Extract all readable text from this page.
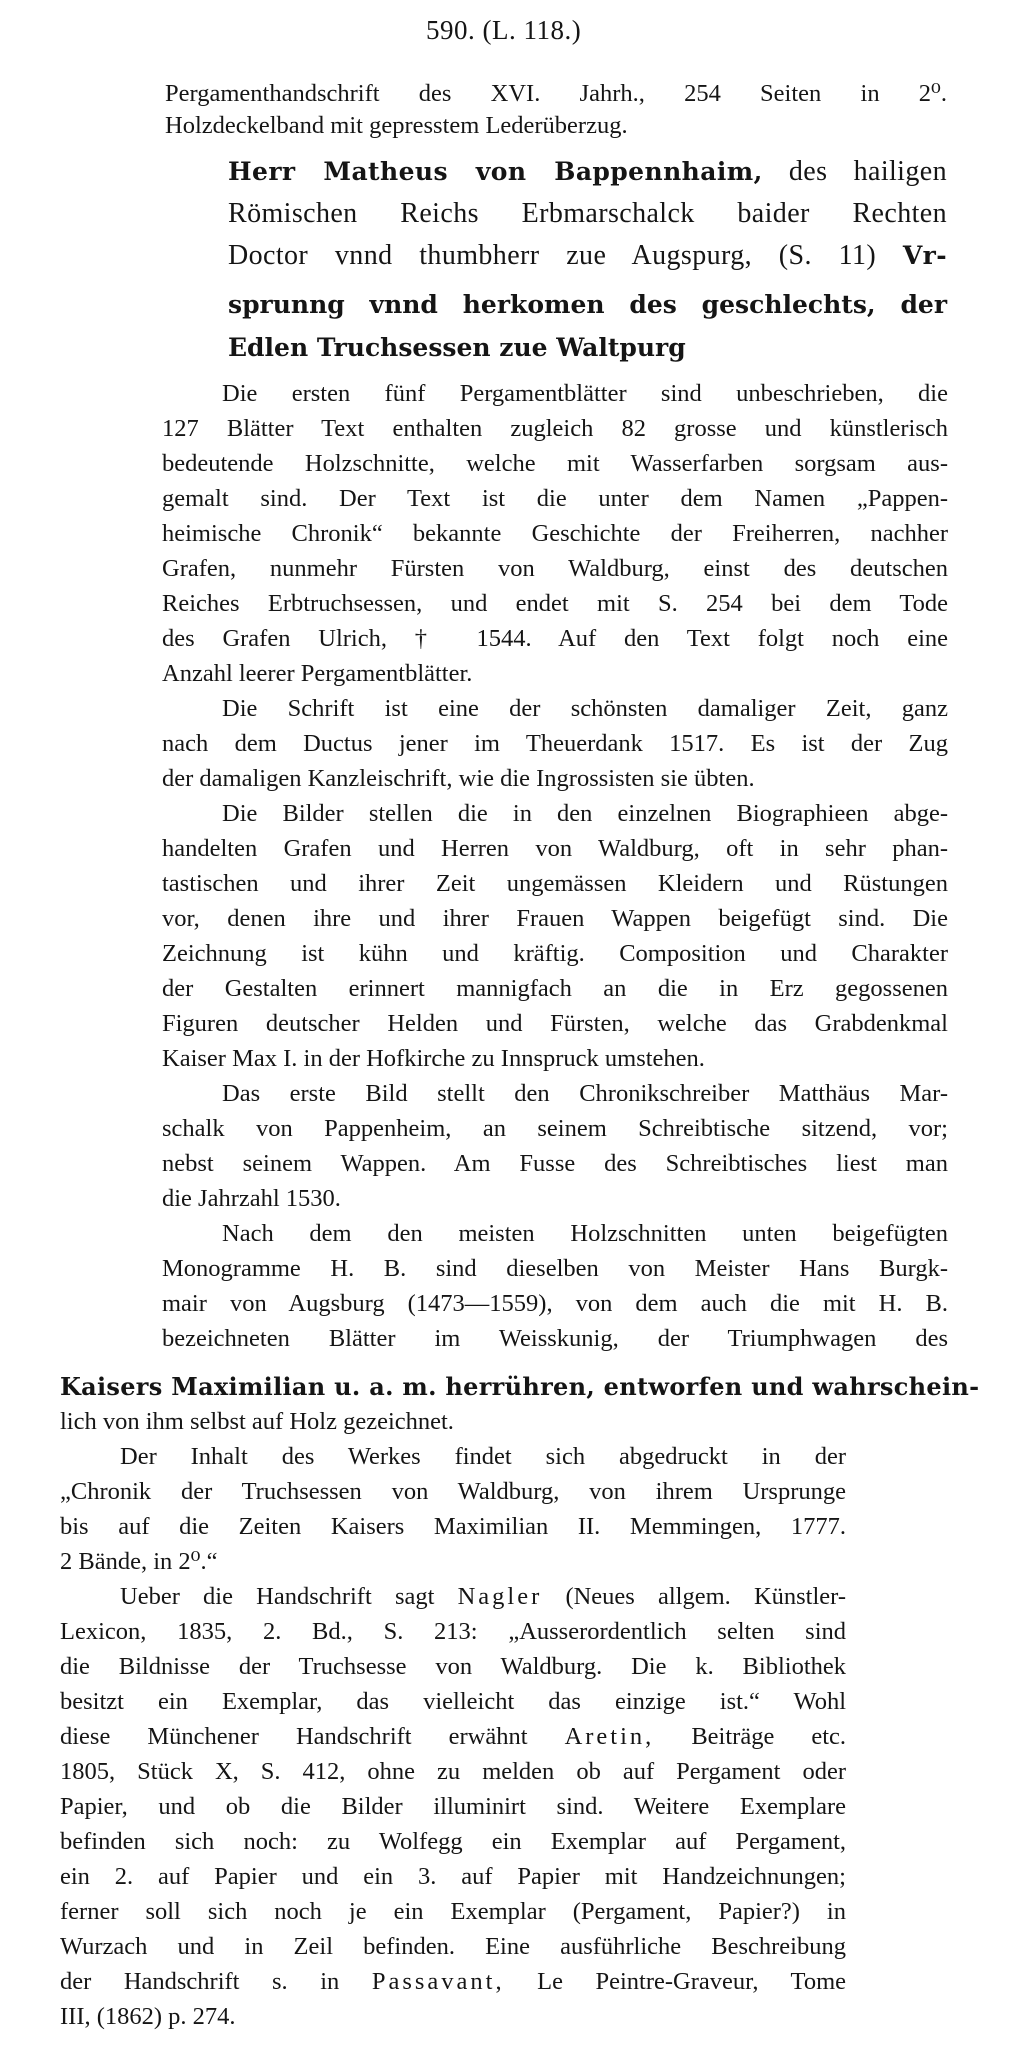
590. (L. 118.)
Pergamenthandschrift des XVI. Jahrh., 254 Seiten in 2⁰.
Holzdeckelband mit gepresstem Lederüberzug.
Herr Matheus von Bappennhaim, des hailigen
Römischen Reichs Erbmarschalck baider Rechten
Doctor vnnd thumbherr zue Augspurg, (S. 11) Vr-
sprunng vnnd herkomen des geschlechts, der
Edlen Truchsessen zue Waltpurg
Die ersten fünf Pergamentblätter sind unbeschrieben, die
127 Blätter Text enthalten zugleich 82 grosse und künstlerisch
bedeutende Holzschnitte, welche mit Wasserfarben sorgsam aus-
gemalt sind. Der Text ist die unter dem Namen „Pappen-
heimische Chronik“ bekannte Geschichte der Freiherren, nachher
Grafen, nunmehr Fürsten von Waldburg, einst des deutschen
Reiches Erbtruchsessen, und endet mit S. 254 bei dem Tode
des Grafen Ulrich, † 1544. Auf den Text folgt noch eine
Anzahl leerer Pergamentblätter.
Die Schrift ist eine der schönsten damaliger Zeit, ganz
nach dem Ductus jener im Theuerdank 1517. Es ist der Zug
der damaligen Kanzleischrift, wie die Ingrossisten sie übten.
Die Bilder stellen die in den einzelnen Biographieen abge-
handelten Grafen und Herren von Waldburg, oft in sehr phan-
tastischen und ihrer Zeit ungemässen Kleidern und Rüstungen
vor, denen ihre und ihrer Frauen Wappen beigefügt sind. Die
Zeichnung ist kühn und kräftig. Composition und Charakter
der Gestalten erinnert mannigfach an die in Erz gegossenen
Figuren deutscher Helden und Fürsten, welche das Grabdenkmal
Kaiser Max I. in der Hofkirche zu Innspruck umstehen.
Das erste Bild stellt den Chronikschreiber Matthäus Mar-
schalk von Pappenheim, an seinem Schreibtische sitzend, vor;
nebst seinem Wappen. Am Fusse des Schreibtisches liest man
die Jahrzahl 1530.
Nach dem den meisten Holzschnitten unten beigefügten
Monogramme H. B. sind dieselben von Meister Hans Burgk-
mair von Augsburg (1473—1559), von dem auch die mit H. B.
bezeichneten Blätter im Weisskunig, der Triumphwagen des
Kaisers Maximilian u. a. m. herrühren, entworfen und wahrschein-
lich von ihm selbst auf Holz gezeichnet.
Der Inhalt des Werkes findet sich abgedruckt in der
„Chronik der Truchsessen von Waldburg, von ihrem Ursprunge
bis auf die Zeiten Kaisers Maximilian II. Memmingen, 1777.
2 Bände, in 2⁰.“
Ueber die Handschrift sagt Nagler (Neues allgem. Künstler-
Lexicon, 1835, 2. Bd., S. 213: „Ausserordentlich selten sind
die Bildnisse der Truchsesse von Waldburg. Die k. Bibliothek
besitzt ein Exemplar, das vielleicht das einzige ist.“ Wohl
diese Münchener Handschrift erwähnt Aretin, Beiträge etc.
1805, Stück X, S. 412, ohne zu melden ob auf Pergament oder
Papier, und ob die Bilder illuminirt sind. Weitere Exemplare
befinden sich noch: zu Wolfegg ein Exemplar auf Pergament,
ein 2. auf Papier und ein 3. auf Papier mit Handzeichnungen;
ferner soll sich noch je ein Exemplar (Pergament, Papier?) in
Wurzach und in Zeil befinden. Eine ausführliche Beschreibung
der Handschrift s. in Passavant, Le Peintre-Graveur, Tome
III, (1862) p. 274.
